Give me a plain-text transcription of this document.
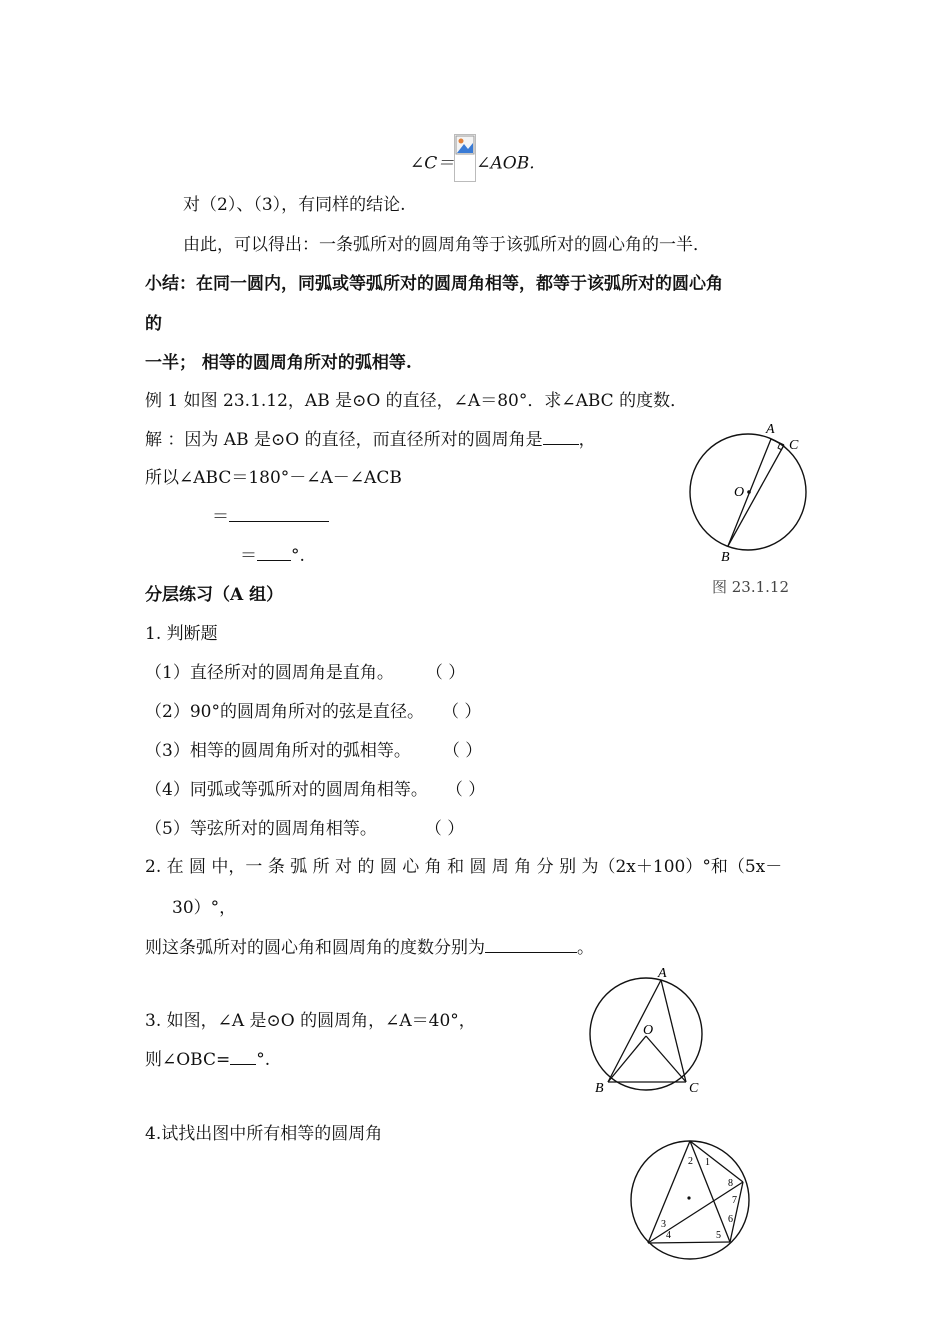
∠C＝ ∠AOB.
对（2）、（3），有同样的结论.
由此，可以得出：一条弧所对的圆周角等于该弧所对的圆心角的一半．
小结：在同一圆内，同弧或等弧所对的圆周角相等，都等于该弧所对的圆心角
的
一半； 相等的圆周角所对的弧相等.
例 1 如图 23.1.12，AB 是⊙O 的直径，∠A＝80°．求∠ABC 的度数．
解 ：因为 AB 是⊙O 的直径，而直径所对的圆周角是 ，
所以∠ABC＝180°－∠A－∠ACB
＝
＝ °.
A
C
O
B
图 23.1.12
分层练习（A 组）
1. 判断题
（1）直径所对的圆周角是直角。 （ ）
（2）90°的圆周角所对的弦是直径。 （ ）
（3）相等的圆周角所对的弧相等。 （ ）
（4）同弧或等弧所对的圆周角相等。 （ ）
（5）等弦所对的圆周角相等。	（ ）
2. 在 圆 中，一 条 弧 所 对 的 圆 心 角 和 圆 周 角 分 别 为（2x＋100）°和（5x－
30）°，
则这条弧所对的圆心角和圆周角的度数分别为	。
3. 如图，∠A 是⊙O 的圆周角，∠A＝40°，
则∠OBC= °.
A
O
B	C
4.试找出图中所有相等的圆周角
1
2
3
4	5
6
7
8
